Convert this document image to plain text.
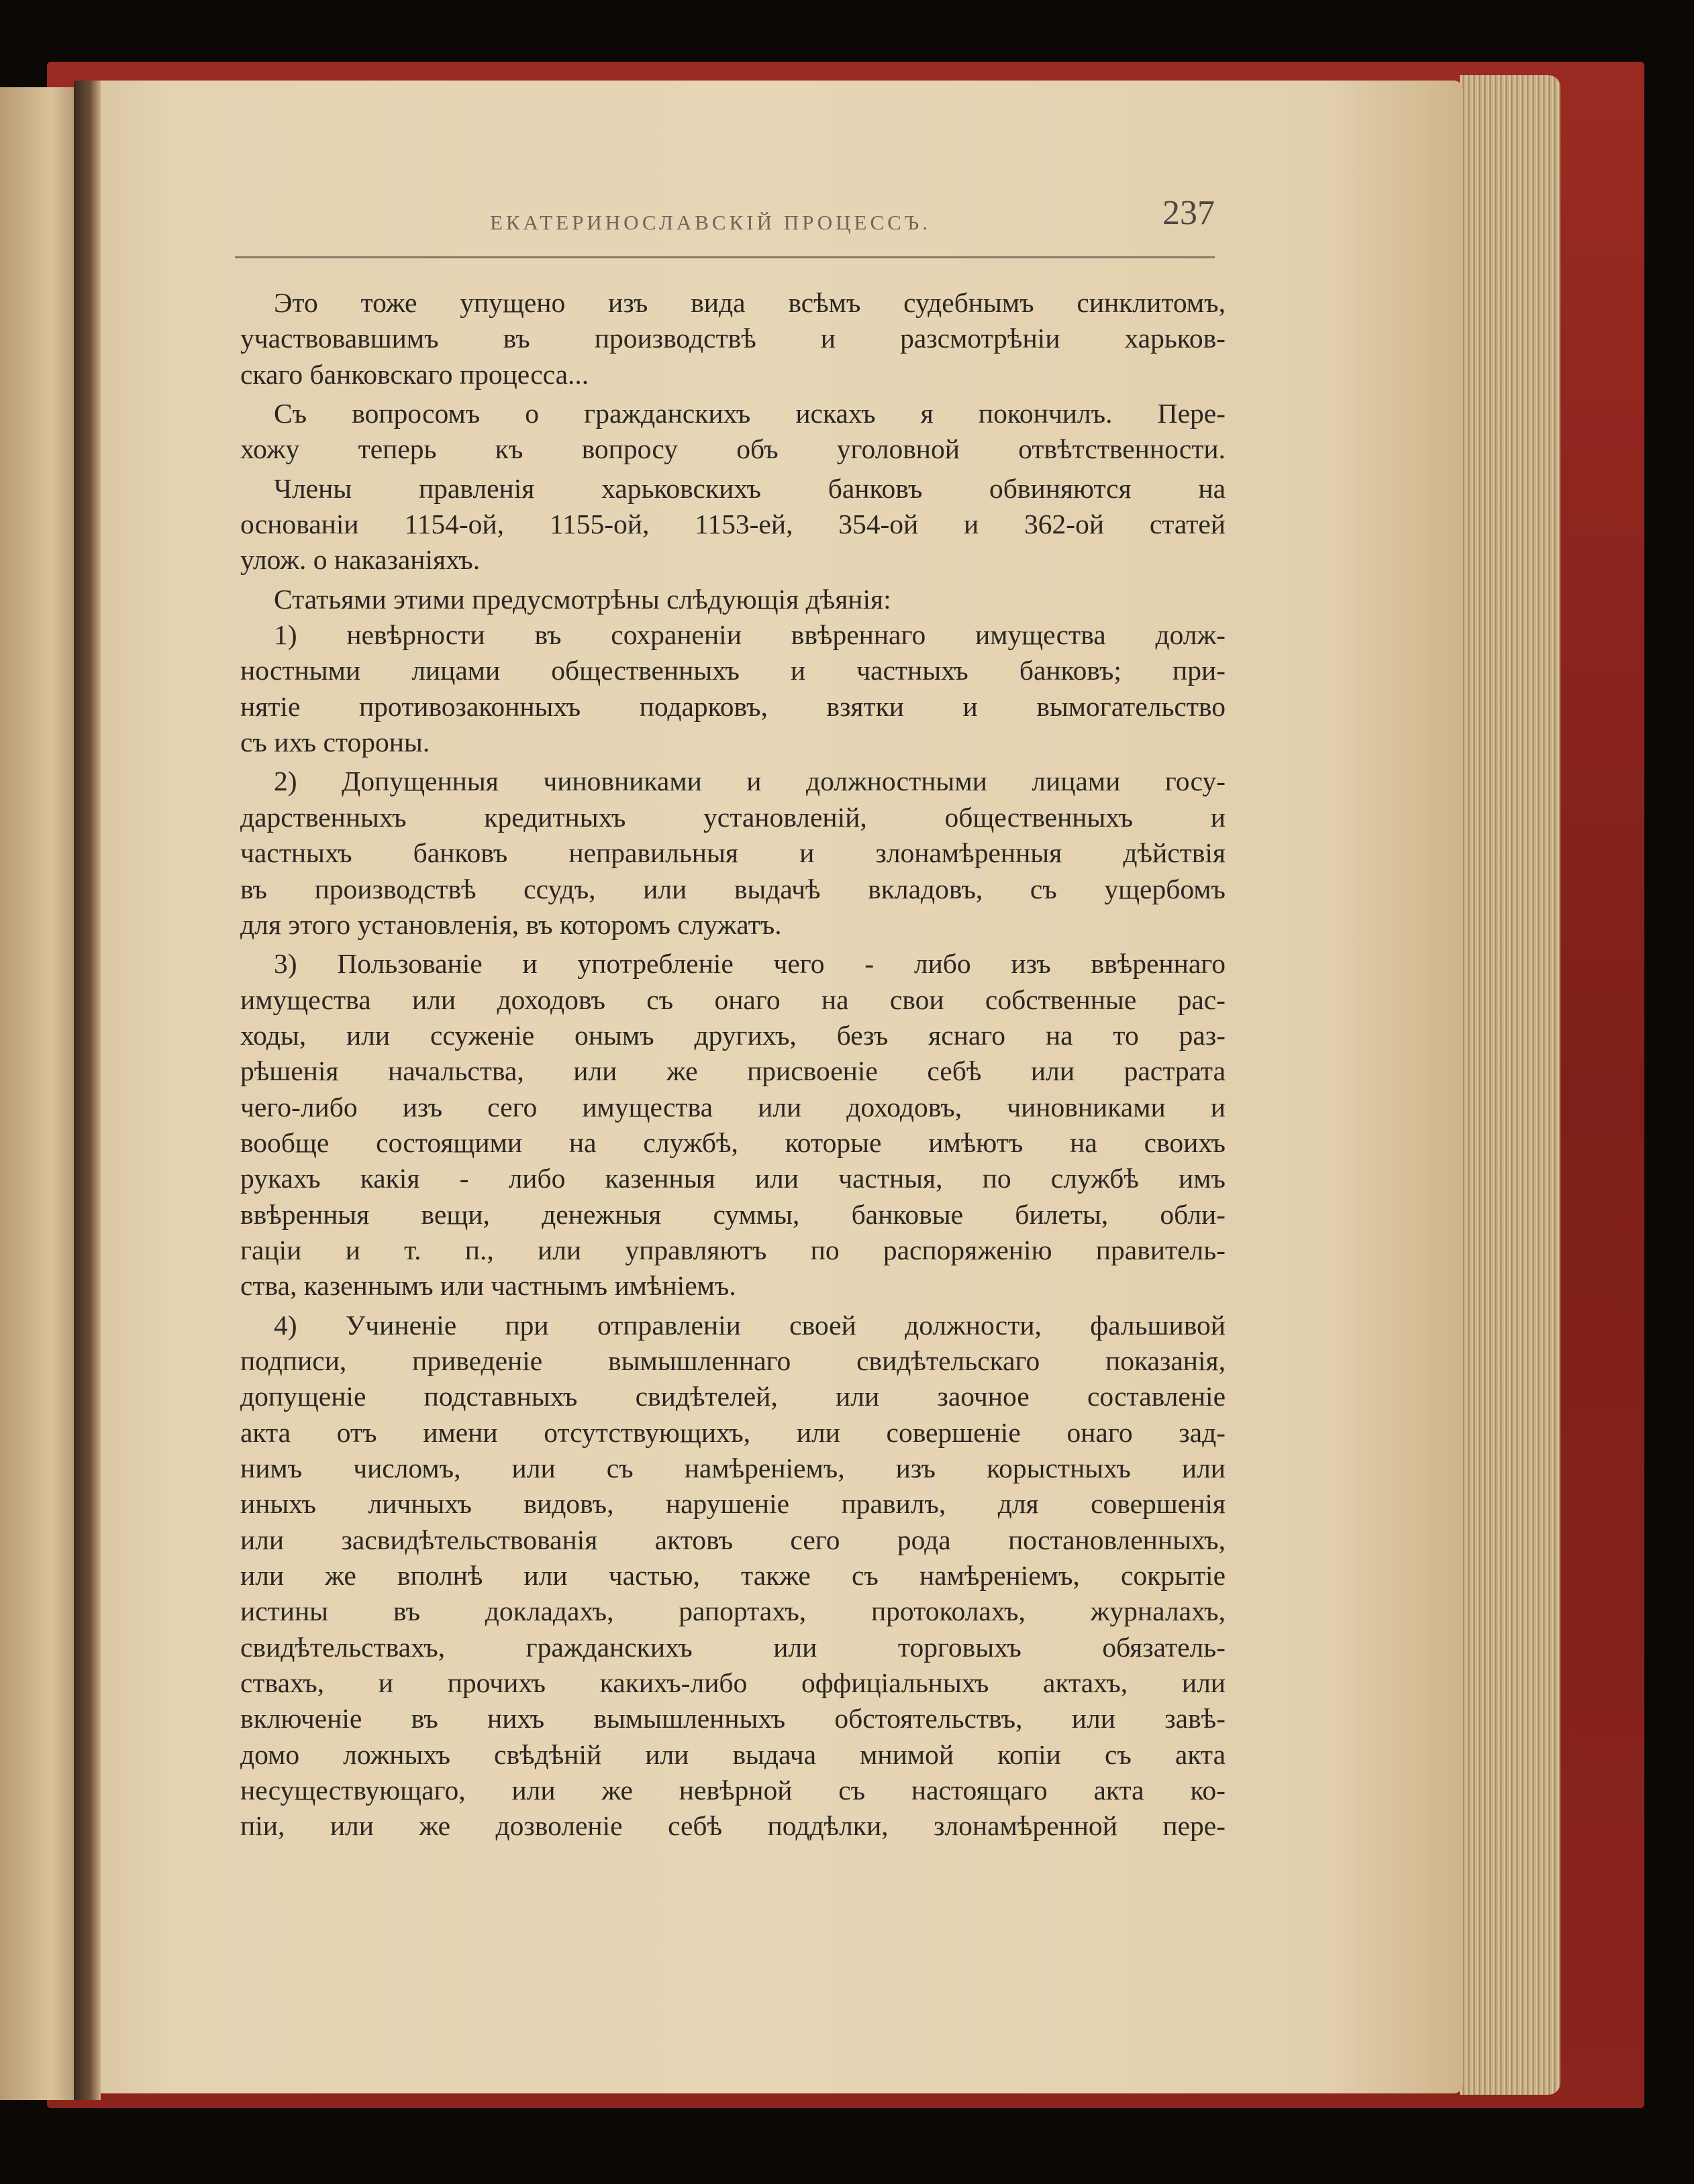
ЕКАТЕРИНОСЛАВСКІЙ ПРОЦЕССЪ.	237
Это тоже упущено изъ вида всѣмъ судебнымъ синклитомъ,
участвовавшимъ въ производствѣ и разсмотрѣніи харьков-
скаго банковскаго процесса...
Съ вопросомъ о гражданскихъ искахъ я покончилъ. Пере-
хожу теперь къ вопросу объ уголовной отвѣтственности.
Члены правленія харьковскихъ банковъ обвиняются на
основаніи 1154-ой, 1155-ой, 1153-ей, 354-ой и 362-ой статей
улож. о наказаніяхъ.
Статьями этими предусмотрѣны слѣдующія дѣянія:
1) невѣрности въ сохраненіи ввѣреннаго имущества долж-
ностными лицами общественныхъ и частныхъ банковъ; при-
нятіе противозаконныхъ подарковъ, взятки и вымогательство
съ ихъ стороны.
2) Допущенныя чиновниками и должностными лицами госу-
дарственныхъ кредитныхъ установленій, общественныхъ и
частныхъ банковъ неправильныя и злонамѣренныя дѣйствія
въ производствѣ ссудъ, или выдачѣ вкладовъ, съ ущербомъ
для этого установленія, въ которомъ служатъ.
3) Пользованіе и употребленіе чего - либо изъ ввѣреннаго
имущества или доходовъ съ онаго на свои собственные рас-
ходы, или ссуженіе онымъ другихъ, безъ яснаго на то раз-
рѣшенія начальства, или же присвоеніе себѣ или растрата
чего-либо изъ сего имущества или доходовъ, чиновниками и
вообще состоящими на службѣ, которые имѣютъ на своихъ
рукахъ какія - либо казенныя или частныя, по службѣ имъ
ввѣренныя вещи, денежныя суммы, банковые билеты, обли-
гаціи и т. п., или управляютъ по распоряженію правитель-
ства, казеннымъ или частнымъ имѣніемъ.
4) Учиненіе при отправленіи своей должности, фальшивой
подписи, приведеніе вымышленнаго свидѣтельскаго показанія,
допущеніе подставныхъ свидѣтелей, или заочное составленіе
акта отъ имени отсутствующихъ, или совершеніе онаго зад-
нимъ числомъ, или съ намѣреніемъ, изъ корыстныхъ или
иныхъ личныхъ видовъ, нарушеніе правилъ, для совершенія
или засвидѣтельствованія актовъ сего рода постановленныхъ,
или же вполнѣ или частью, также съ намѣреніемъ, сокрытіе
истины въ докладахъ, рапортахъ, протоколахъ, журналахъ,
свидѣтельствахъ, гражданскихъ или торговыхъ обязатель-
ствахъ, и прочихъ какихъ-либо оффиціальныхъ актахъ, или
включеніе въ нихъ вымышленныхъ обстоятельствъ, или завѣ-
домо ложныхъ свѣдѣній или выдача мнимой копіи съ акта
несуществующаго, или же невѣрной съ настоящаго акта ко-
піи, или же дозволеніе себѣ поддѣлки, злонамѣренной пере-
